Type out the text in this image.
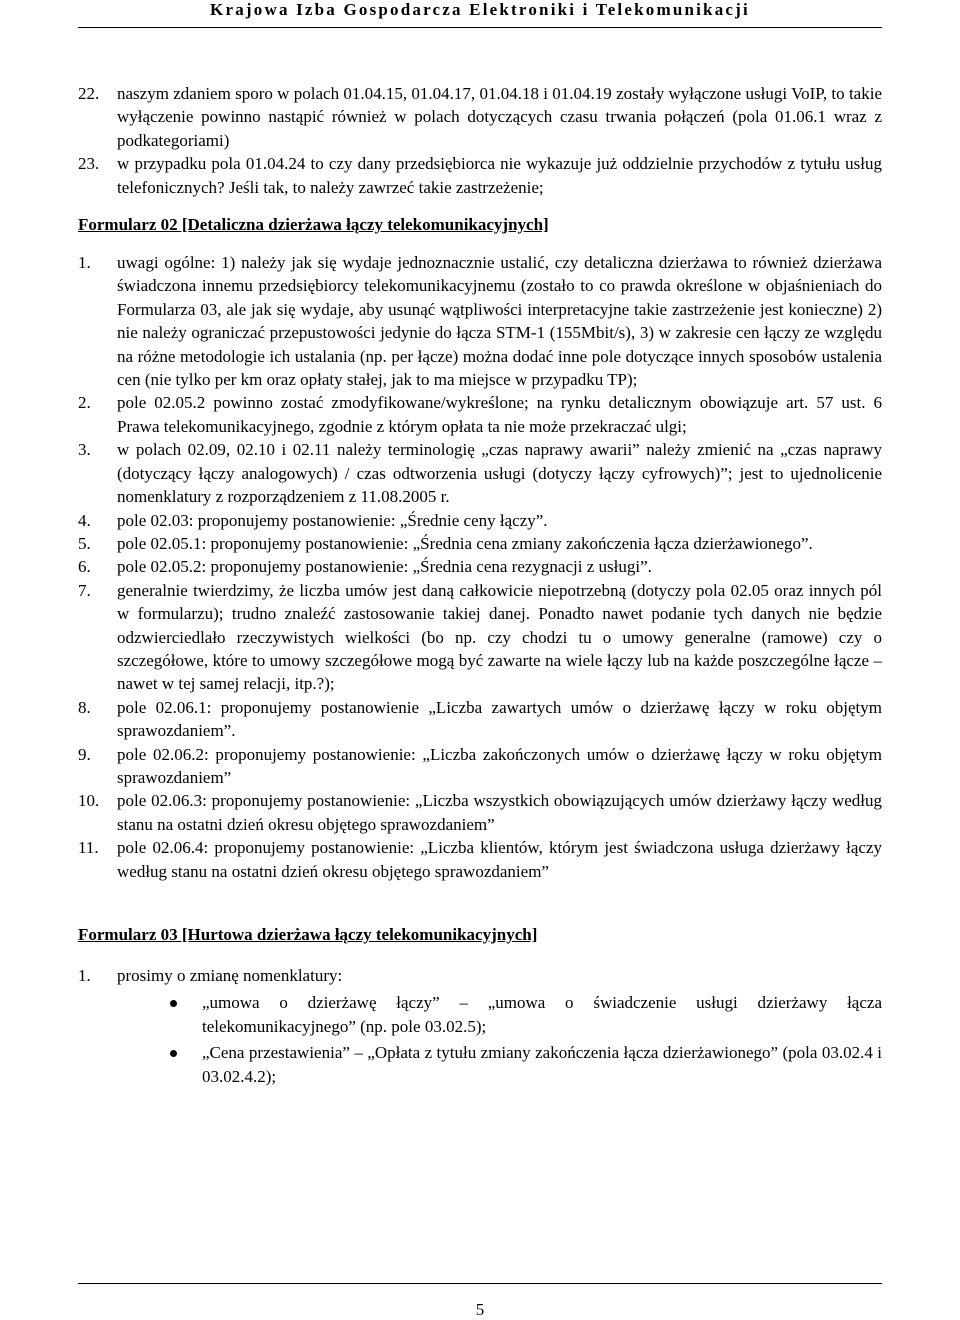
Krajowa Izba Gospodarcza Elektroniki i Telekomunikacji
22. naszym zdaniem sporo w polach 01.04.15, 01.04.17, 01.04.18 i 01.04.19 zostały wyłączone usługi VoIP, to takie wyłączenie powinno nastąpić również w polach dotyczących czasu trwania połączeń (pola 01.06.1 wraz z podkategoriami)
23. w przypadku pola 01.04.24 to czy dany przedsiębiorca nie wykazuje już oddzielnie przychodów z tytułu usług telefonicznych? Jeśli tak, to należy zawrzeć takie zastrzeżenie;

Formularz 02 [Detaliczna dzierżawa łączy telekomunikacyjnych]

1. uwagi ogólne: 1) należy jak się wydaje jednoznacznie ustalić, czy detaliczna dzierżawa to również dzierżawa świadczona innemu przedsiębiorcy telekomunikacyjnemu (zostało to co prawda określone w objaśnieniach do Formularza 03, ale jak się wydaje, aby usunąć wątpliwości interpretacyjne takie zastrzeżenie jest konieczne) 2) nie należy ograniczać przepustowości jedynie do łącza STM-1 (155Mbit/s), 3) w zakresie cen łączy ze względu na różne metodologie ich ustalania (np. per łącze) można dodać inne pole dotyczące innych sposobów ustalenia cen (nie tylko per km oraz opłaty stałej, jak to ma miejsce w przypadku TP);
2. pole 02.05.2 powinno zostać zmodyfikowane/wykreślone; na rynku detalicznym obowiązuje art. 57 ust. 6 Prawa telekomunikacyjnego, zgodnie z którym opłata ta nie może przekraczać ulgi;
3. w polach 02.09, 02.10 i 02.11 należy terminologię „czas naprawy awarii” należy zmienić na „czas naprawy (dotyczący łączy analogowych) / czas odtworzenia usługi (dotyczy łączy cyfrowych)”; jest to ujednolicenie nomenklatury z rozporządzeniem z 11.08.2005 r.
4. pole 02.03: proponujemy postanowienie: „Średnie ceny łączy”.
5. pole 02.05.1: proponujemy postanowienie: „Średnia cena zmiany zakończenia łącza dzierżawionego”.
6. pole 02.05.2: proponujemy postanowienie: „Średnia cena rezygnacji z usługi”.
7. generalnie twierdzimy, że liczba umów jest daną całkowicie niepotrzebną (dotyczy pola 02.05 oraz innych pól w formularzu); trudno znaleźć zastosowanie takiej danej. Ponadto nawet podanie tych danych nie będzie odzwierciedlało rzeczywistych wielkości (bo np. czy chodzi tu o umowy generalne (ramowe) czy o szczegółowe, które to umowy szczegółowe mogą być zawarte na wiele łączy lub na każde poszczególne łącze – nawet w tej samej relacji, itp.?);
8. pole 02.06.1: proponujemy postanowienie „Liczba zawartych umów o dzierżawę łączy w roku objętym sprawozdaniem”.
9. pole 02.06.2: proponujemy postanowienie: „Liczba zakończonych umów o dzierżawę łączy w roku objętym sprawozdaniem”
10. pole 02.06.3: proponujemy postanowienie: „Liczba wszystkich obowiązujących umów dzierżawy łączy według stanu na ostatni dzień okresu objętego sprawozdaniem”
11. pole 02.06.4: proponujemy postanowienie: „Liczba klientów, którym jest świadczona usługa dzierżawy łączy według stanu na ostatni dzień okresu objętego sprawozdaniem”

Formularz 03 [Hurtowa dzierżawa łączy telekomunikacyjnych]

1. prosimy o zmianę nomenklatury:
„umowa o dzierżawę łączy” – „umowa o świadczenie usługi dzierżawy łącza telekomunikacyjnego” (np. pole 03.02.5);
„Cena przestawienia” – „Opłata z tytułu zmiany zakończenia łącza dzierżawionego” (pola 03.02.4 i 03.02.4.2);
5
